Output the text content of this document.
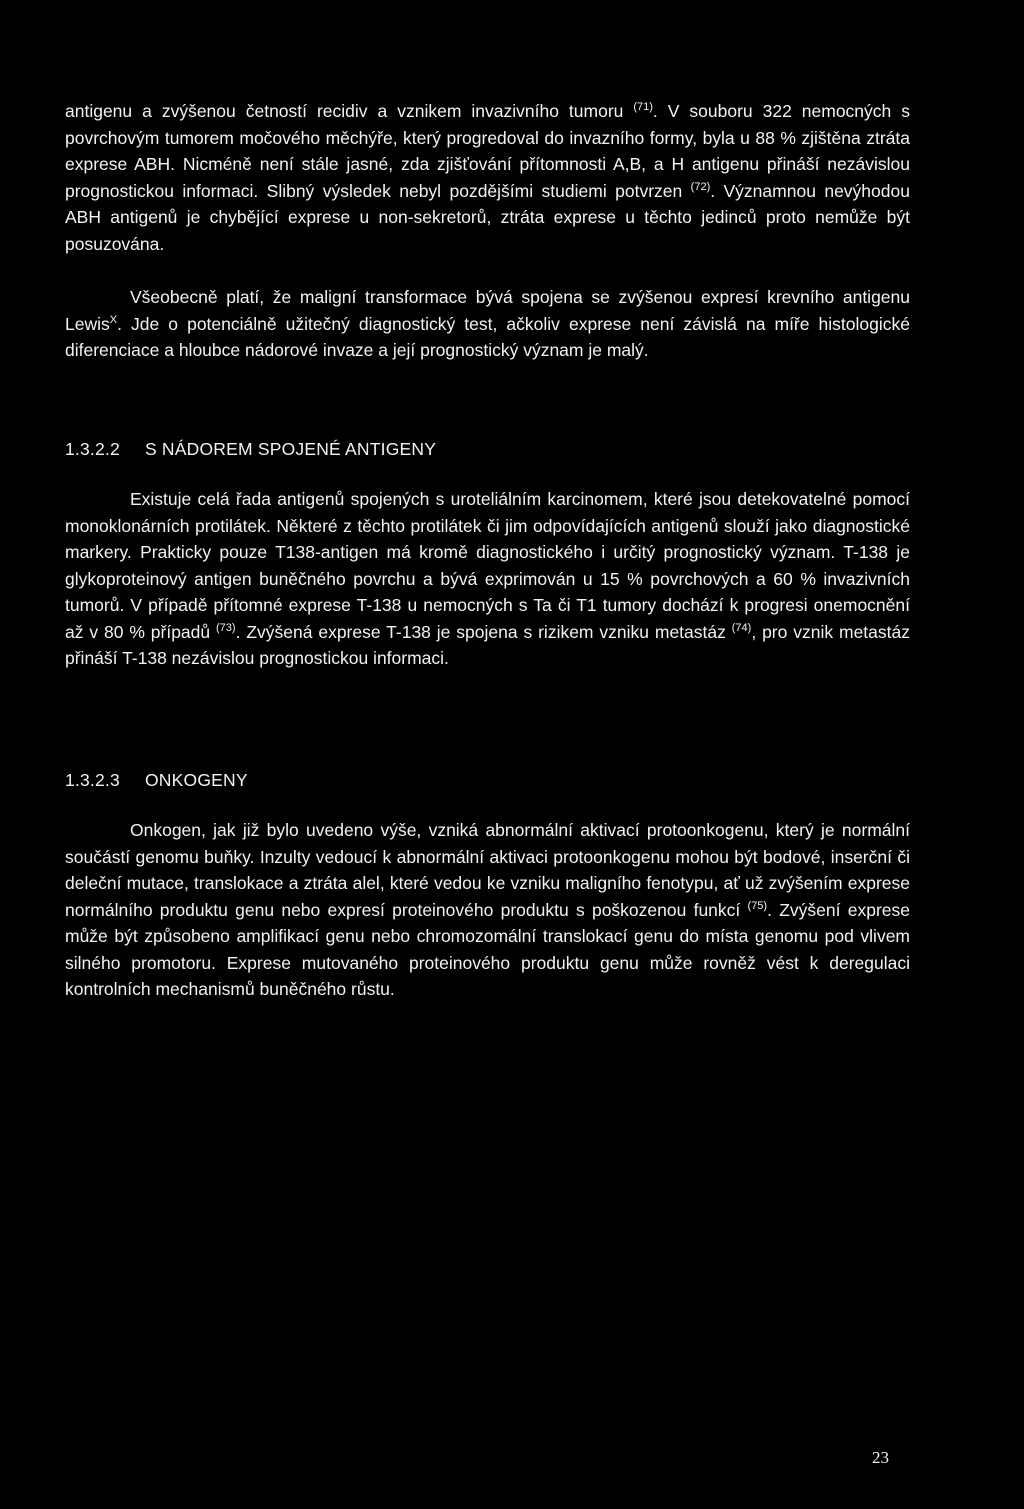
antigenu a zvýšenou četností recidiv a vznikem invazivního tumoru $^{(71)}$. V souboru 322 nemocných s povrchovým tumorem močového měchýře, který progredoval do invazního formy, byla u 88 % zjištěna ztráta exprese ABH. Nicméně není stále jasné, zda zjišťování přítomnosti A,B, a H antigenu přináší nezávislou prognostickou informaci. Slibný výsledek nebyl pozdějšími studiemi potvrzen $^{(72)}$. Významnou nevýhodou ABH antigenů je chybějící exprese u non-sekretorů, ztráta exprese u těchto jedinců proto nemůže být posuzována.

Všeobecně platí, že maligní transformace bývá spojena se zvýšenou expresí krevního antigenu Lewis$^X$. Jde o potenciálně užitečný diagnostický test, ačkoliv exprese není závislá na míře histologické diferenciace a hloubce nádorové invaze a její prognostický význam je malý.

1.3.2.2 S NÁDOREM SPOJENÉ ANTIGENY

Existuje celá řada antigenů spojených s uroteliálním karcinomem, které jsou detekovatelné pomocí monoklonárních protilátek. Některé z těchto protilátek či jim odpovídajících antigenů slouží jako diagnostické markery. Prakticky pouze T138-antigen má kromě diagnostického i určitý prognostický význam. T-138 je glykoproteinový antigen buněčného povrchu a bývá exprimován u 15 % povrchových a 60 % invazivních tumorů. V případě přítomné exprese T-138 u nemocných s Ta či T1 tumory dochází k progresi onemocnění až v 80 % případů $^{(73)}$. Zvýšená exprese T-138 je spojena s rizikem vzniku metastáz $^{(74)}$, pro vznik metastáz přináší T-138 nezávislou prognostickou informaci.

1.3.2.3 ONKOGENY

Onkogen, jak již bylo uvedeno výše, vzniká abnormální aktivací protoonkogenu, který je normální součástí genomu buňky. Inzulty vedoucí k abnormální aktivaci protoonkogenu mohou být bodové, inserční či deleční mutace, translokace a ztráta alel, které vedou ke vzniku maligního fenotypu, ať už zvýšením exprese normálního produktu genu nebo expresí proteinového produktu s poškozenou funkcí $^{(75)}$. Zvýšení exprese může být způsobeno amplifikací genu nebo chromozomální translokací genu do místa genomu pod vlivem silného promotoru. Exprese mutovaného proteinového produktu genu může rovněž vést k deregulaci kontrolních mechanismů buněčného růstu.

23
